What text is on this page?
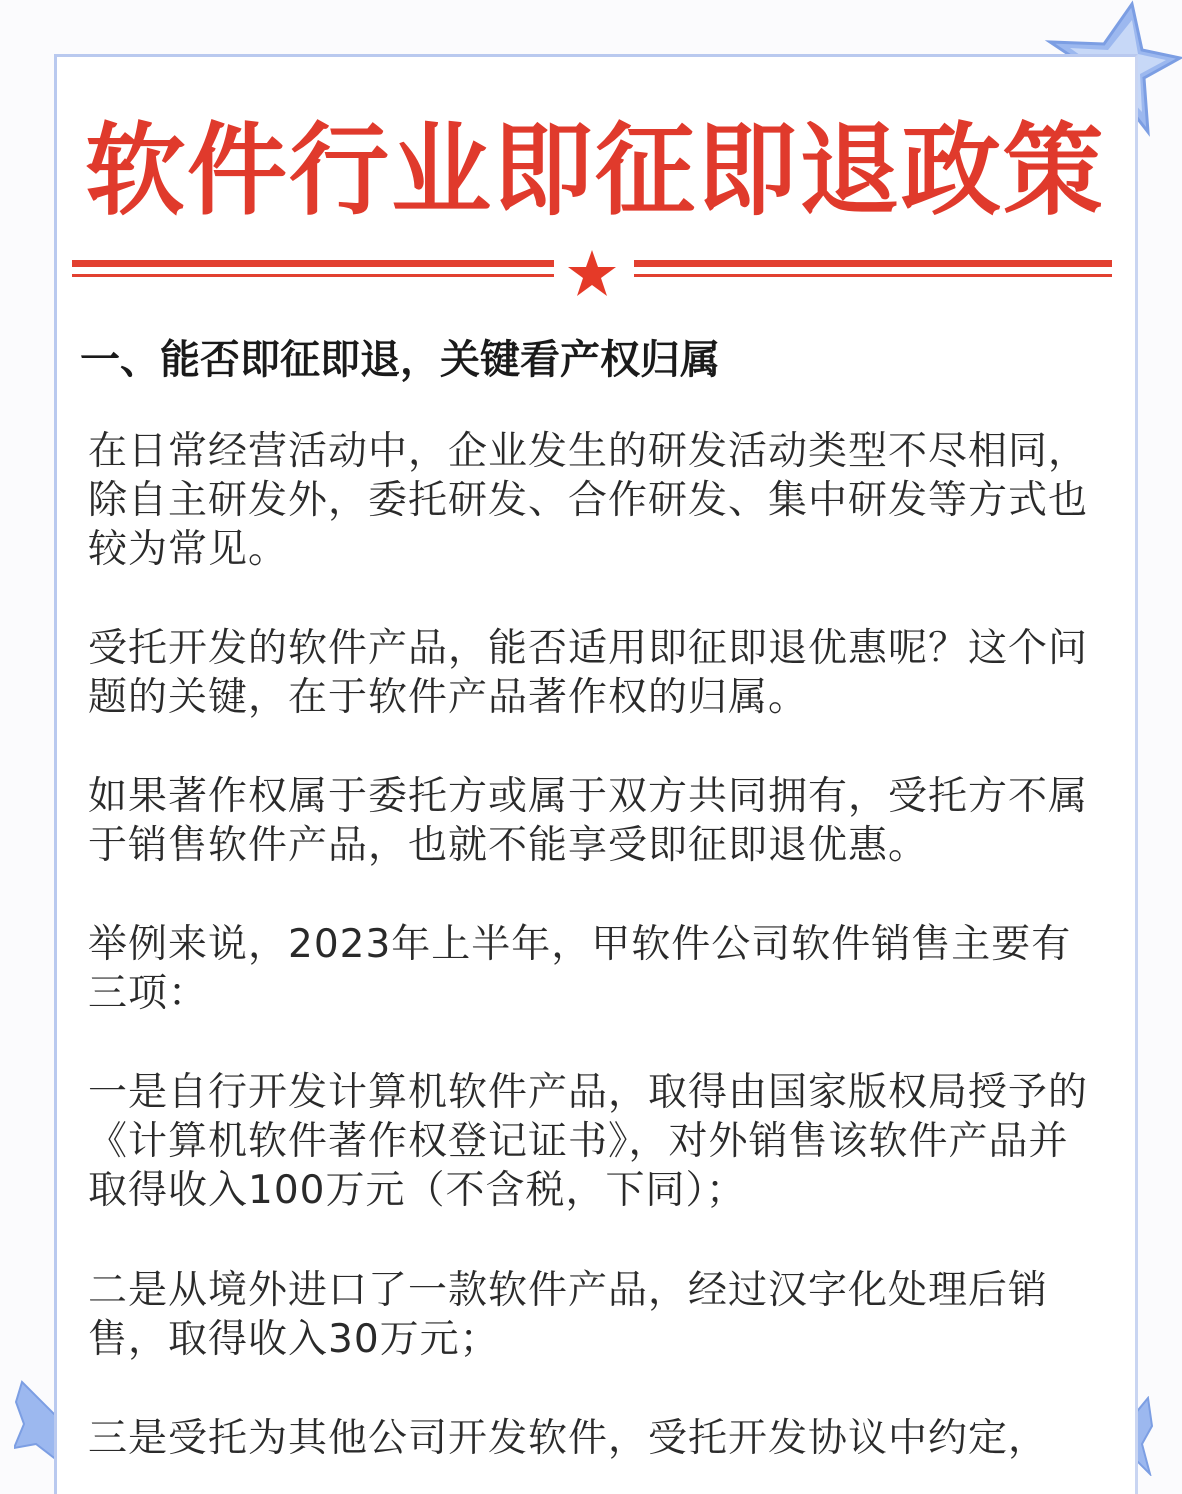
软件行业即征即退政策
一、能否即征即退，关键看产权归属
在日常经营活动中，企业发生的研发活动类型不尽相同，除自主研发外，委托研发、合作研发、集中研发等方式也较为常见。
受托开发的软件产品，能否适用即征即退优惠呢？这个问题的关键，在于软件产品著作权的归属。
如果著作权属于委托方或属于双方共同拥有，受托方不属于销售软件产品，也就不能享受即征即退优惠。
举例来说，2023年上半年，甲软件公司软件销售主要有三项：
一是自行开发计算机软件产品，取得由国家版权局授予的《计算机软件著作权登记证书》，对外销售该软件产品并取得收入100万元（不含税，下同）；
二是从境外进口了一款软件产品，经过汉字化处理后销售，取得收入30万元；
三是受托为其他公司开发软件，受托开发协议中约定，
